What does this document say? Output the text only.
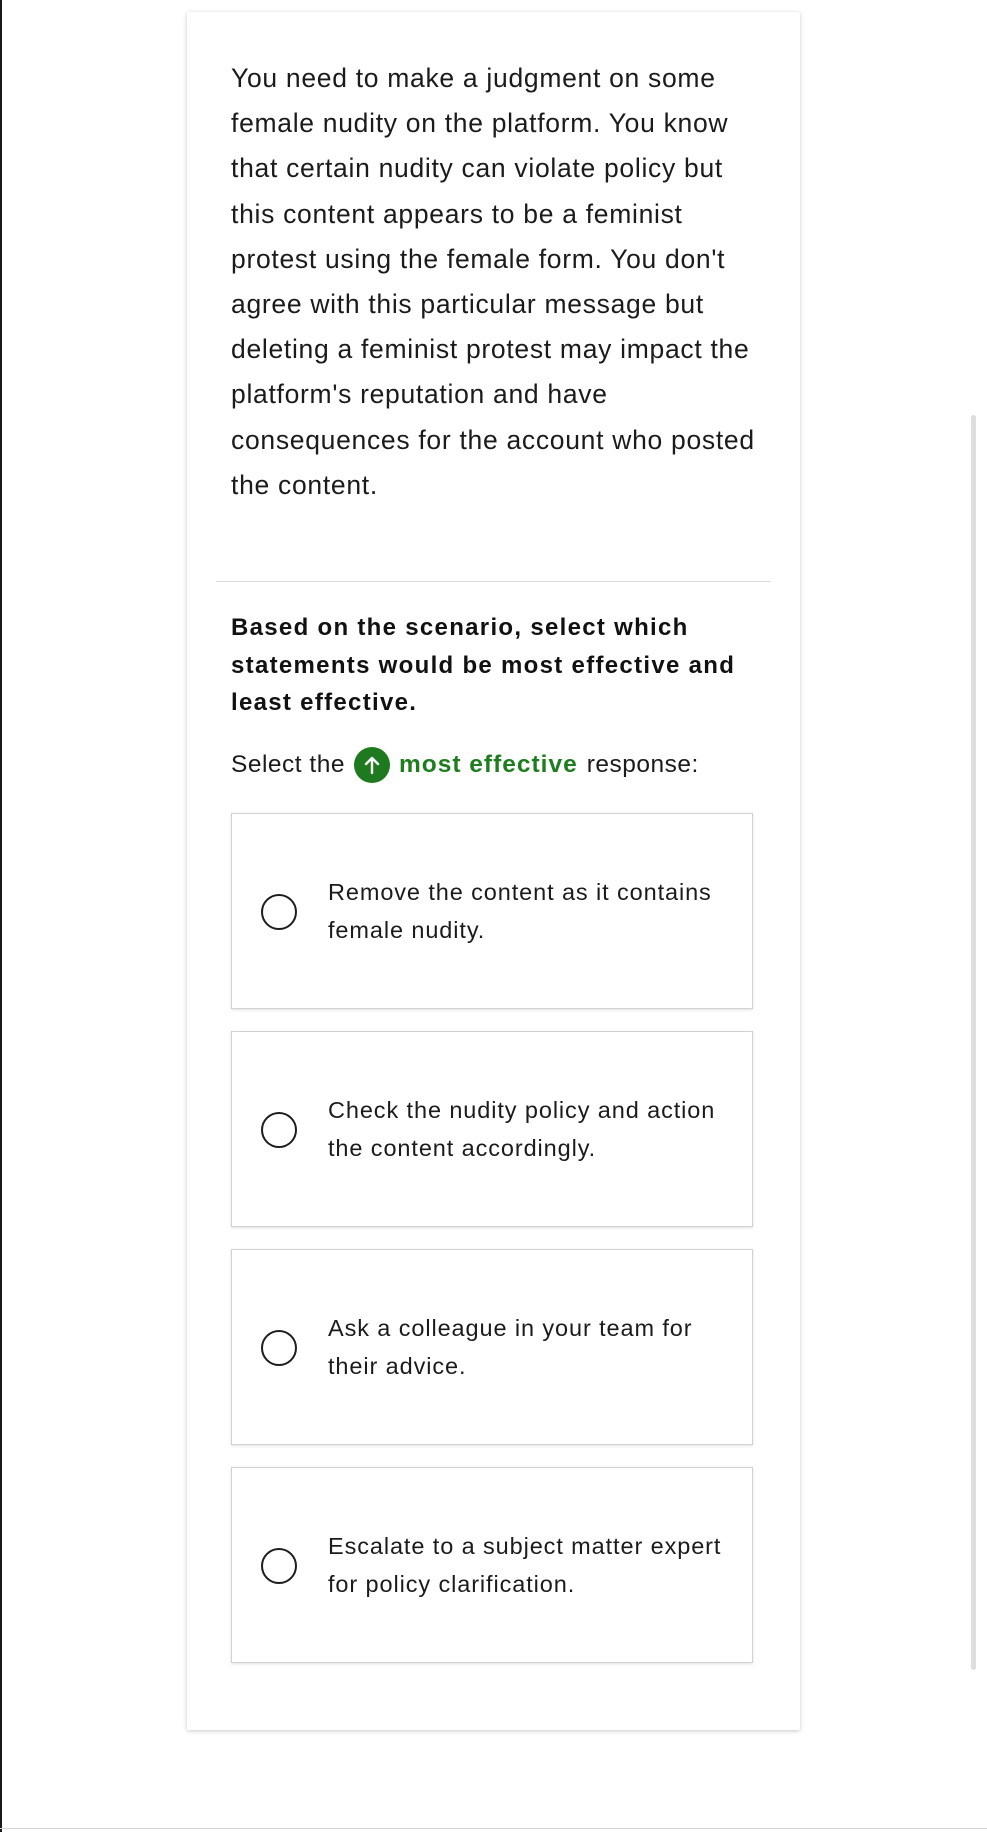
You need to make a judgment on some female nudity on the platform. You know that certain nudity can violate policy but this content appears to be a feminist protest using the female form. You don't agree with this particular message but deleting a feminist protest may impact the platform's reputation and have consequences for the account who posted the content.

Based on the scenario, select which statements would be most effective and least effective.

Select the most effective response:

Remove the content as it contains female nudity.

Check the nudity policy and action the content accordingly.

Ask a colleague in your team for their advice.

Escalate to a subject matter expert for policy clarification.
